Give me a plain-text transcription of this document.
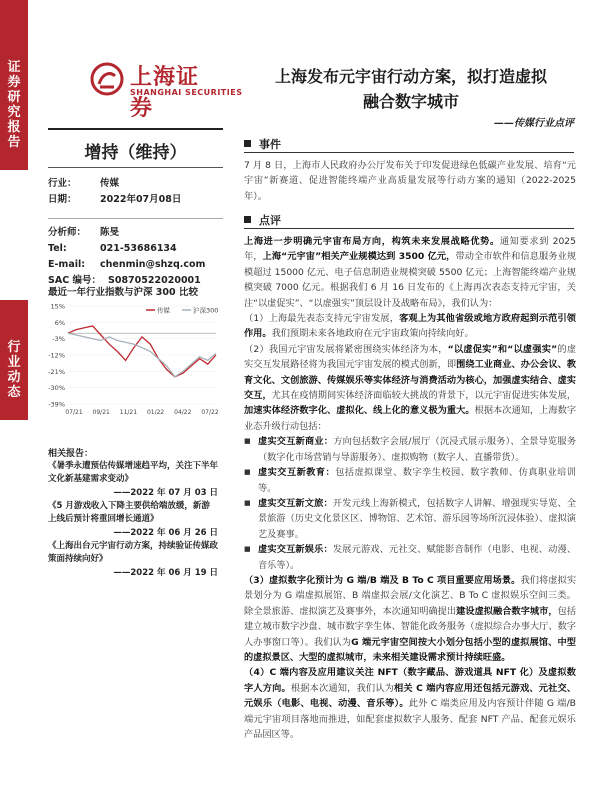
证券研究报告
行业动态
上海证券
SHANGHAI SECURITIES
上海发布元宇宙行动方案，拟打造虚拟
融合数字城市
——传媒行业点评
增持（维持）
行业：	传媒
日期：	2022年07月08日
分析师：	陈旻
Tel:	021-53686134
E-mail:	chenmin@shzq.com
SAC 编号： S0870522020001
最近一年行业指数与沪深 300 比较
15%
6%
-3%
-12%
-21%
-30%
-39%
07/21 09/21 11/21 01/22 04/22 07/22
传媒	沪深300
相关报告：
《暑季永遭预估传媒增速趋平均，关注下半年文化新基建需求变动》
——2022 年 07 月 03 日
《5 月游戏收入下降主要供给端放缓，新游上线后预计将重回增长通道》
——2022 年 06 月 26 日
《上海出台元宇宙行动方案，持续验证传媒政策面持续向好》
——2022 年 06 月 19 日
事件
7 月 8 日，上海市人民政府办公厅发布关于印发促进绿色低碳产业发展、培育“元宇宙”新赛道、促进智能终端产业高质量发展等行动方案的通知（2022-2025 年）。
点评

上海进一步明确元宇宙布局方向，构筑未来发展战略优势。通知要求到 2025 年，上海“元宇宙”相关产业规模达到 3500 亿元，带动全市软件和信息服务业规模超过 15000 亿元、电子信息制造业规模突破 5500 亿元；上海智能终端产业规模突破 7000 亿元。根据我们 6 月 16 日发布的《上海再次表态支持元宇宙，关注“以虚促实”、“以虚强实”顶层设计及战略布局》，我们认为：

（1）上海最先表态支持元宇宙发展，客观上为其他省级或地方政府起到示范引领作用。我们预期未来各地政府在元宇宙政策向持续向好。

（2）我国元宇宙发展将紧密围绕实体经济为本，“以虚促实”和“以虚强实”的虚实交互发展路径将为我国元宇宙发展的模式创新，即围绕工业商业、办公会议、教育文化、文创旅游、传媒娱乐等实体经济与消费活动为核心，加强虚实结合、虚实交互，尤其在疫情期间实体经济面临较大挑战的背景下，以元宇宙促进实体发展，加速实体经济数字化、虚拟化、线上化的意义极为重大。根据本次通知，上海数字业态升级行动包括：

■ 虚实交互新商业：方向包括数字会展/展厅（沉浸式展示服务）、全景导览服务（数字化市场营销与导游服务）、虚拟购物（数字人、直播带货）。
■ 虚实交互新教育：包括虚拟课堂、数字孪生校园、数字教师、仿真职业培训等。
■ 虚实交互新文旅：开发元线上海新模式，包括数字人讲解、增强现实导览、全景旅游（历史文化景区区、博物馆、艺术馆、游乐园等场所沉浸体验）、虚拟演艺及赛事。
■ 虚实交互新娱乐：发展元游戏、元社交、赋能影音制作（电影、电视、动漫、音乐等）。

（3）虚拟数字化预计为 G 端/B 端及 B To C 项目重要应用场景。我们将虚拟实景划分为 G 端虚拟展馆、B 端虚拟会展/文化演艺、B To C 虚拟娱乐空间三类。除全景旅游、虚拟演艺及赛事外，本次通知明确提出建设虚拟融合数字城市，包括建立城市数字沙盘、城市数字孪生体、智能化政务服务（虚拟综合办事大厅、数字人办事窗口等）。我们认为G 端元宇宙空间按大小划分包括小型的虚拟展馆、中型的虚拟景区、大型的虚拟城市，未来相关建设需求预计持续旺盛。

（4）C 端内容及应用建议关注 NFT（数字藏品、游戏道具 NFT 化）及虚拟数字人方向。根据本次通知，我们认为相关 C 端内容应用还包括元游戏、元社交、元娱乐（电影、电视、动漫、音乐等）。此外 C 端类应用及内容预计伴随 G 端/B 端元宇宙项目落地而推进，如配套虚拟数字人服务、配套 NFT 产品、配套元娱乐产品园区等。
